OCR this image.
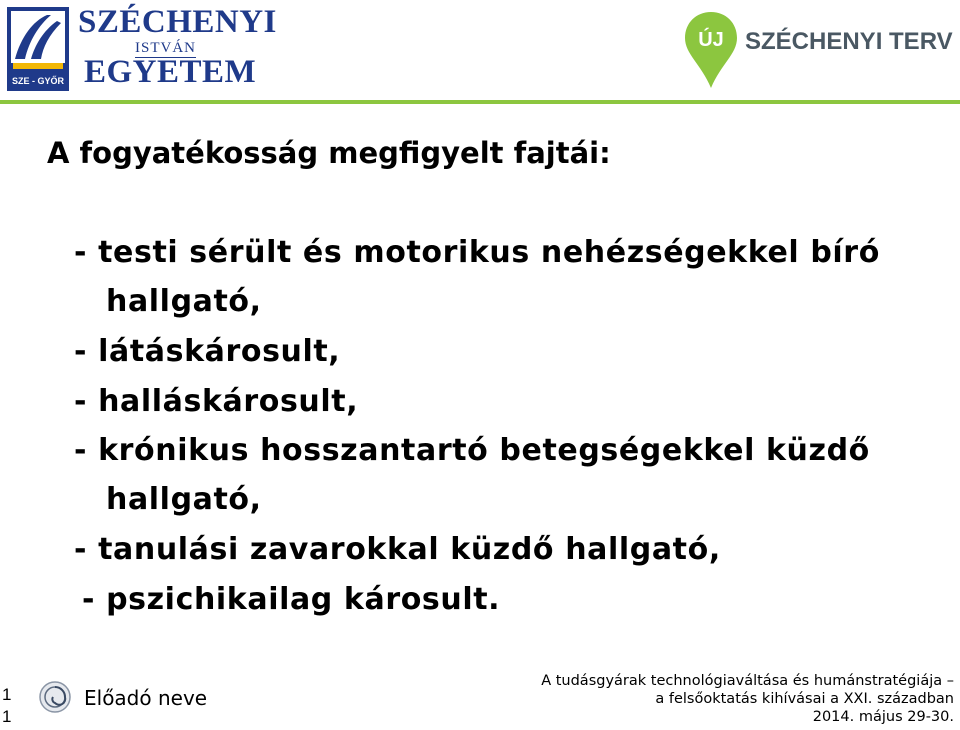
SZE - GYŐR
SZÉCHENYI
ISTVÁN
EGYETEM
ÚJ SZÉCHENYI TERV
A fogyatékosság megfigyelt fajtái:
- testi sérült és motorikus nehézségekkel bíró
hallgató,
- látáskárosult,
- halláskárosult,
- krónikus hosszantartó betegségekkel küzdő
hallgató,
- tanulási zavarokkal küzdő hallgató,
- pszichikailag károsult.
1
1
Előadó neve
A tudásgyárak technológiaváltása és humánstratégiája –
a felsőoktatás kihívásai a XXI. században
2014. május 29-30.
